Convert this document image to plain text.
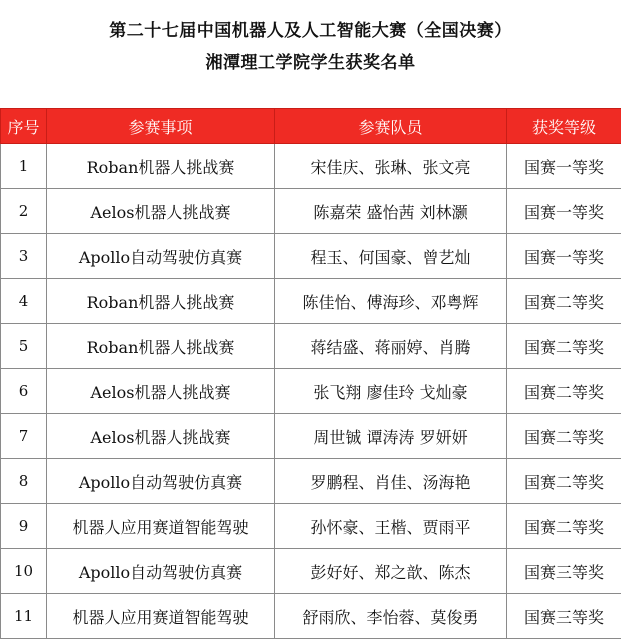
第二十七届中国机器人及人工智能大赛（全国决赛）
湘潭理工学院学生获奖名单
序号	参赛事项	参赛队员	获奖等级
1	Roban机器人挑战赛	宋佳庆、张琳、张文亮	国赛一等奖
2	Aelos机器人挑战赛	陈嘉荣 盛怡茜 刘林灏	国赛一等奖
3	Apollo自动驾驶仿真赛	程玉、何国豪、曾艺灿	国赛一等奖
4	Roban机器人挑战赛	陈佳怡、傅海珍、邓粤辉	国赛二等奖
5	Roban机器人挑战赛	蒋结盛、蒋丽婷、肖腾	国赛二等奖
6	Aelos机器人挑战赛	张飞翔 廖佳玲 戈灿豪	国赛二等奖
7	Aelos机器人挑战赛	周世铖 谭涛涛 罗妍妍	国赛二等奖
8	Apollo自动驾驶仿真赛	罗鹏程、肖佳、汤海艳	国赛二等奖
9	机器人应用赛道智能驾驶	孙怀豪、王楷、贾雨平	国赛二等奖
10	Apollo自动驾驶仿真赛	彭好好、郑之歆、陈杰	国赛三等奖
11	机器人应用赛道智能驾驶	舒雨欣、李怡蓉、莫俊勇	国赛三等奖
